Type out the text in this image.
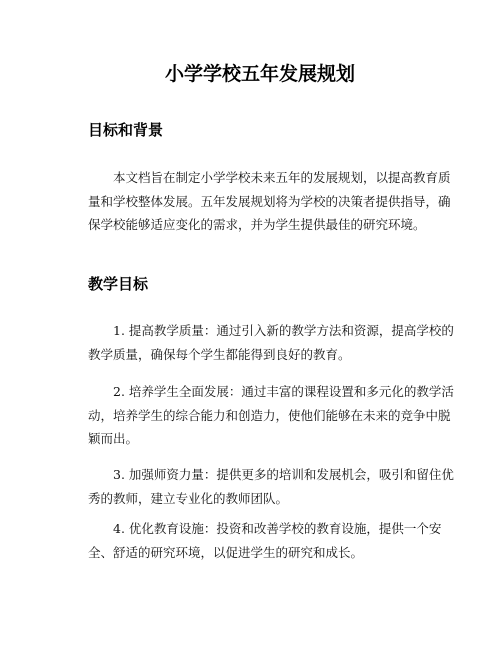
小学学校五年发展规划
目标和背景

本文档旨在制定小学学校未来五年的发展规划，以提高教育质量和学校整体发展。五年发展规划将为学校的决策者提供指导，确保学校能够适应变化的需求，并为学生提供最佳的研究环境。

教学目标

1. 提高教学质量：通过引入新的教学方法和资源，提高学校的教学质量，确保每个学生都能得到良好的教育。

2. 培养学生全面发展：通过丰富的课程设置和多元化的教学活动，培养学生的综合能力和创造力，使他们能够在未来的竞争中脱颖而出。

3. 加强师资力量：提供更多的培训和发展机会，吸引和留住优秀的教师，建立专业化的教师团队。

4. 优化教育设施：投资和改善学校的教育设施，提供一个安全、舒适的研究环境，以促进学生的研究和成长。
